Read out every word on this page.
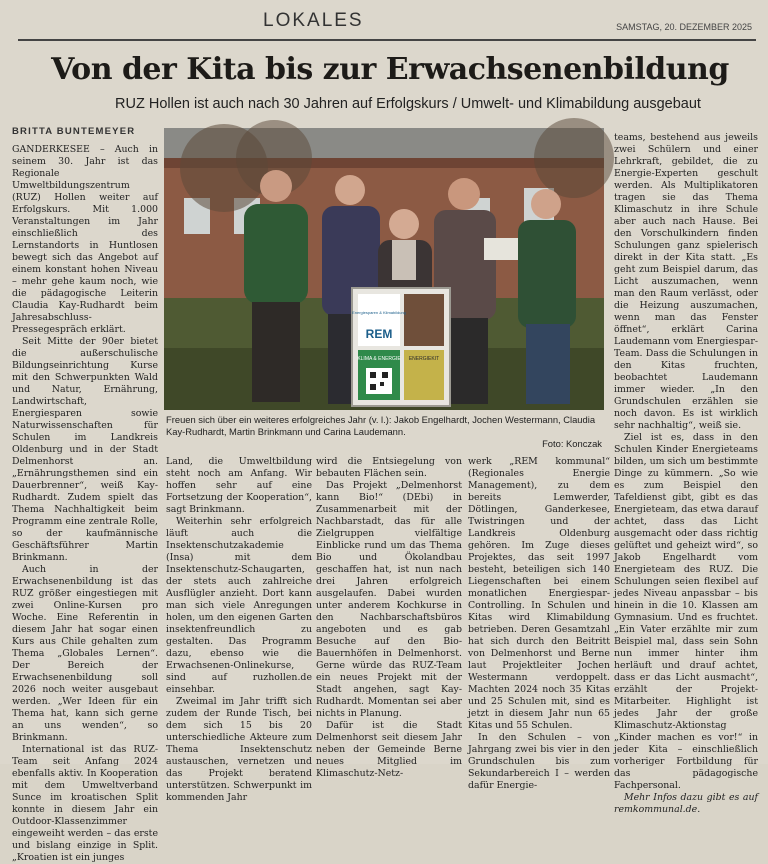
LOKALES	SAMSTAG, 20. DEZEMBER 2025
Von der Kita bis zur Erwachsenenbildung
RUZ Hollen ist auch nach 30 Jahren auf Erfolgskurs / Umwelt- und Klimabildung ausgebaut
BRITTA BUNTEMEYER

GANDERKESEE – Auch in seinem 30. Jahr ist das Regionale Umweltbildungszentrum (RUZ) Hollen weiter auf Erfolgskurs. Mit 1.000 Veranstaltungen im Jahr einschließlich des Lernstandorts in Huntlosen bewegt sich das Angebot auf einem konstant hohen Niveau – mehr gehe kaum noch, wie die pädagogische Leiterin Claudia Kay-Rudhardt beim Jahresabschluss-Pressegespräch erklärt.

Seit Mitte der 90er bietet die außerschulische Bildungseinrichtung Kurse mit den Schwerpunkten Wald und Natur, Ernährung, Landwirtschaft, Energiesparen sowie Naturwissenschaften für Schulen im Landkreis Oldenburg und in der Stadt Delmenhorst an. „Ernährungsthemen sind ein Dauerbrenner“, weiß Kay-Rudhardt. Zudem spielt das Thema Nachhaltigkeit beim Programm eine zentrale Rolle, so der kaufmännische Geschäftsführer Martin Brinkmann.

Auch in der Erwachsenenbildung ist das RUZ größer eingestiegen mit zwei Online-Kursen pro Woche. Eine Referentin in diesem Jahr hat sogar einen Kurs aus Chile gehalten zum Thema „Globales Lernen“. Der Bereich der Erwachsenenbildung soll 2026 noch weiter ausgebaut werden. „Wer Ideen für ein Thema hat, kann sich gerne an uns wenden“, so Brinkmann.

International ist das RUZ-Team seit Anfang 2024 ebenfalls aktiv. In Kooperation mit dem Umweltverband Sunce im kroatischen Split konnte in diesem Jahr ein Outdoor-Klassenzimmer eingeweiht werden – das erste und bislang einzige in Split. „Kroatien ist ein junges

REM
Energiesparen & Klimabildung
KLIMA & ENERGIE ENERGIEKIT
Freuen sich über ein weiteres erfolgreiches Jahr (v. l.): Jakob Engelhardt, Jochen Westermann, Claudia Kay-Rudhardt, Martin Brinkmann und Carina Laudemann.
Foto: Konczak

Land, die Umweltbildung steht noch am Anfang. Wir hoffen sehr auf eine Fortsetzung der Kooperation“, sagt Brinkmann.

Weiterhin sehr erfolgreich läuft auch die Insektenschutzakademie (Insa) mit dem Insektenschutz-Schaugarten, der stets auch zahlreiche Ausflügler anzieht. Dort kann man sich viele Anregungen holen, um den eigenen Garten insektenfreundlich zu gestalten. Das Programm dazu, ebenso wie die Erwachsenen-Onlinekurse, sind auf ruzhollen.de einsehbar.

Zweimal im Jahr trifft sich zudem der Runde Tisch, bei dem sich 15 bis 20 unterschiedliche Akteure zum Thema Insektenschutz austauschen, vernetzen und das Projekt beratend unterstützen. Schwerpunkt im kommenden Jahr

wird die Entsiegelung von bebauten Flächen sein.

Das Projekt „Delmenhorst kann Bio!“ (DEbi) in Zusammenarbeit mit der Nachbarstadt, das für alle Zielgruppen vielfältige Einblicke rund um das Thema Bio und Ökolandbau geschaffen hat, ist nun nach drei Jahren erfolgreich ausgelaufen. Dabei wurden unter anderem Kochkurse in den Nachbarschaftsbüros angeboten und es gab Besuche auf den Bio-Bauernhöfen in Delmenhorst. Gerne würde das RUZ-Team ein neues Projekt mit der Stadt angehen, sagt Kay-Rudhardt. Momentan sei aber nichts in Planung.

Dafür ist die Stadt Delmenhorst seit diesem Jahr neben der Gemeinde Berne neues Mitglied im Klimaschutz-Netz-

werk „REM kommunal“ (Regionales Energie Management), zu dem bereits Lemwerder, Dötlingen, Ganderkesee, Twistringen und der Landkreis Oldenburg gehören. Im Zuge dieses Projektes, das seit 1997 besteht, beteiligen sich 140 Liegenschaften bei einem monatlichen Energiespar-Controlling. In Schulen und Kitas wird Klimabildung betrieben. Deren Gesamtzahl hat sich durch den Beitritt von Delmenhorst und Berne laut Projektleiter Jochen Westermann verdoppelt. Machten 2024 noch 35 Kitas und 25 Schulen mit, sind es jetzt in diesem Jahr nun 65 Kitas und 55 Schulen.

In den Schulen – von Jahrgang zwei bis vier in den Grundschulen bis zum Sekundarbereich I – werden dafür Energie-

teams, bestehend aus jeweils zwei Schülern und einer Lehrkraft, gebildet, die zu Energie-Experten geschult werden. Als Multiplikatoren tragen sie das Thema Klimaschutz in ihre Schule aber auch nach Hause. Bei den Vorschulkindern finden Schulungen ganz spielerisch direkt in der Kita statt. „Es geht zum Beispiel darum, das Licht auszumachen, wenn man den Raum verlässt, oder die Heizung auszumachen, wenn man das Fenster öffnet“, erklärt Carina Laudemann vom Energiespar-Team. Dass die Schulungen in den Kitas fruchten, beobachtet Laudemann immer wieder. „In den Grundschulen erzählen sie noch davon. Es ist wirklich sehr nachhaltig“, weiß sie.

Ziel ist es, dass in den Schulen Kinder Energieteams bilden, um sich um bestimmte Dinge zu kümmern. „So wie es zum Beispiel den Tafeldienst gibt, gibt es das Energieteam, das etwa darauf achtet, dass das Licht ausgemacht oder dass richtig gelüftet und geheizt wird“, so Jakob Engelhardt vom Energieteam des RUZ. Die Schulungen seien flexibel auf jedes Niveau anpassbar – bis hinein in die 10. Klassen am Gymnasium. Und es fruchtet. „Ein Vater erzählte mir zum Beispiel mal, dass sein Sohn nun immer hinter ihm herläuft und drauf achtet, dass er das Licht ausmacht“, erzählt der Projekt-Mitarbeiter. Highlight ist jedes Jahr der große Klimaschutz-Aktionstag „Kinder machen es vor!“ in jeder Kita – einschließlich vorheriger Fortbildung für das pädagogische Fachpersonal.

Mehr Infos dazu gibt es auf remkommunal.de.
